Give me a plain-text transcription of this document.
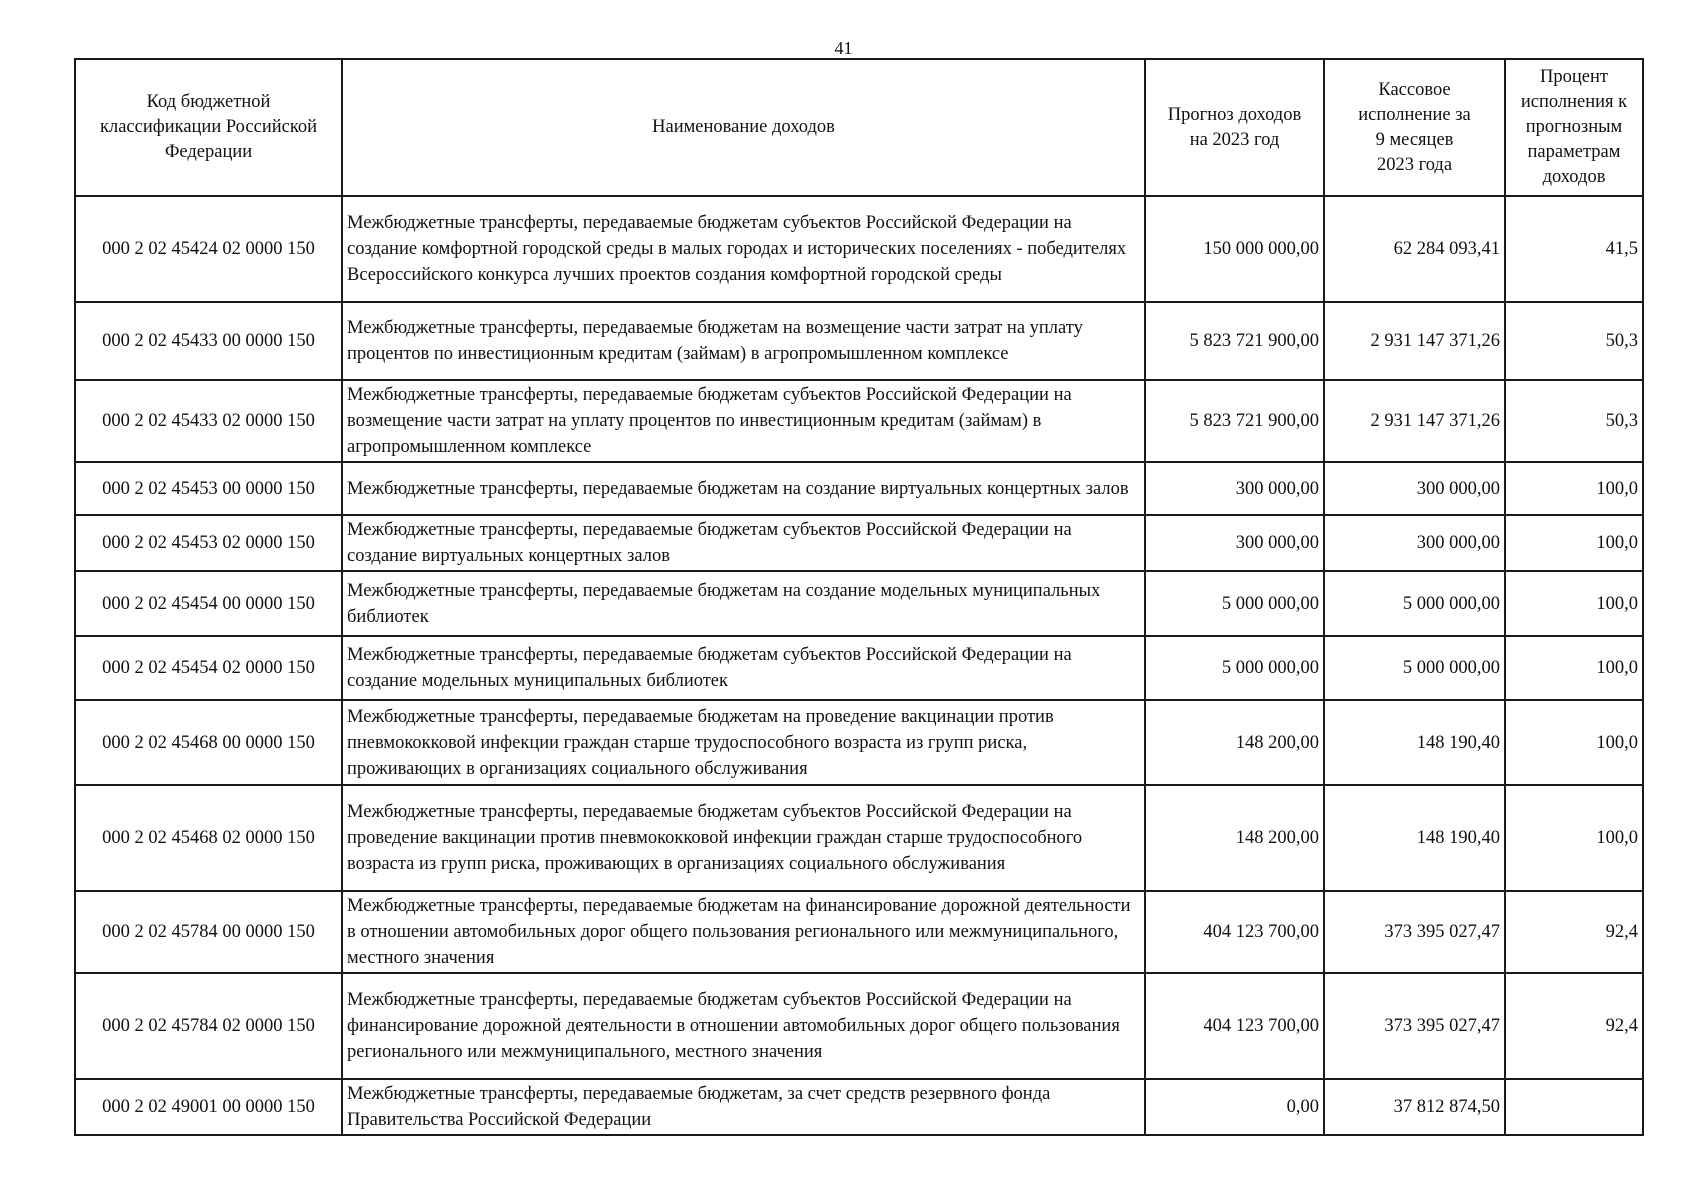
41
Код бюджетной классификации Российской Федерации	Наименование доходов	Прогноз доходов на 2023 год	Кассовое исполнение за 9 месяцев 2023 года	Процент исполнения к прогнозным параметрам доходов
000 2 02 45424 02 0000 150	Межбюджетные трансферты, передаваемые бюджетам субъектов Российской Федерации на создание комфортной городской среды в малых городах и исторических поселениях - победителях Всероссийского конкурса лучших проектов создания комфортной городской среды	150 000 000,00	62 284 093,41	41,5
000 2 02 45433 00 0000 150	Межбюджетные трансферты, передаваемые бюджетам на возмещение части затрат на уплату процентов по инвестиционным кредитам (займам) в агропромышленном комплексе	5 823 721 900,00	2 931 147 371,26	50,3
000 2 02 45433 02 0000 150	Межбюджетные трансферты, передаваемые бюджетам субъектов Российской Федерации на возмещение части затрат на уплату процентов по инвестиционным кредитам (займам) в агропромышленном комплексе	5 823 721 900,00	2 931 147 371,26	50,3
000 2 02 45453 00 0000 150	Межбюджетные трансферты, передаваемые бюджетам на создание виртуальных концертных залов	300 000,00	300 000,00	100,0
000 2 02 45453 02 0000 150	Межбюджетные трансферты, передаваемые бюджетам субъектов Российской Федерации на создание виртуальных концертных залов	300 000,00	300 000,00	100,0
000 2 02 45454 00 0000 150	Межбюджетные трансферты, передаваемые бюджетам на создание модельных муниципальных библиотек	5 000 000,00	5 000 000,00	100,0
000 2 02 45454 02 0000 150	Межбюджетные трансферты, передаваемые бюджетам субъектов Российской Федерации на создание модельных муниципальных библиотек	5 000 000,00	5 000 000,00	100,0
000 2 02 45468 00 0000 150	Межбюджетные трансферты, передаваемые бюджетам на проведение вакцинации против пневмококковой инфекции граждан старше трудоспособного возраста из групп риска, проживающих в организациях социального обслуживания	148 200,00	148 190,40	100,0
000 2 02 45468 02 0000 150	Межбюджетные трансферты, передаваемые бюджетам субъектов Российской Федерации на проведение вакцинации против пневмококковой инфекции граждан старше трудоспособного возраста из групп риска, проживающих в организациях социального обслуживания	148 200,00	148 190,40	100,0
000 2 02 45784 00 0000 150	Межбюджетные трансферты, передаваемые бюджетам на финансирование дорожной деятельности в отношении автомобильных дорог общего пользования регионального или межмуниципального, местного значения	404 123 700,00	373 395 027,47	92,4
000 2 02 45784 02 0000 150	Межбюджетные трансферты, передаваемые бюджетам субъектов Российской Федерации на финансирование дорожной деятельности в отношении автомобильных дорог общего пользования регионального или межмуниципального, местного значения	404 123 700,00	373 395 027,47	92,4
000 2 02 49001 00 0000 150	Межбюджетные трансферты, передаваемые бюджетам, за счет средств резервного фонда Правительства Российской Федерации	0,00	37 812 874,50	
